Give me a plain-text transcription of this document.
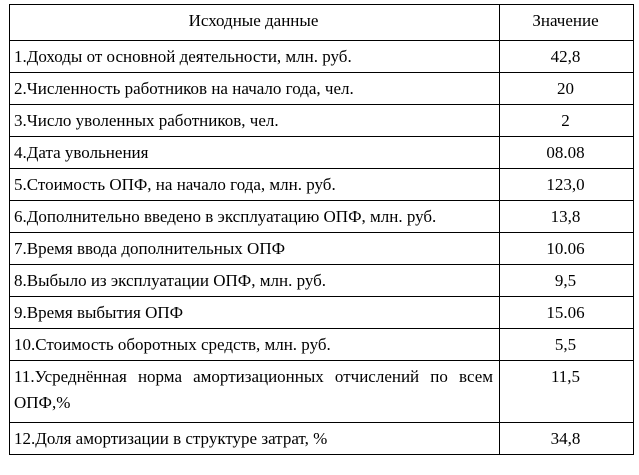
Исходные данные	Значение
1.Доходы от основной деятельности, млн. руб.	42,8
2.Численность работников на начало года, чел.	20
3.Число уволенных работников, чел.	2
4.Дата увольнения	08.08
5.Стоимость ОПФ, на начало года, млн. руб.	123,0
6.Дополнительно введено в эксплуатацию ОПФ, млн. руб.	13,8
7.Время ввода дополнительных ОПФ	10.06
8.Выбыло из эксплуатации ОПФ, млн. руб.	9,5
9.Время выбытия ОПФ	15.06
10.Стоимость оборотных средств, млн. руб.	5,5
11.Усреднённая норма амортизационных отчислений по всем ОПФ,%	11,5
12.Доля амортизации в структуре затрат, %	34,8
